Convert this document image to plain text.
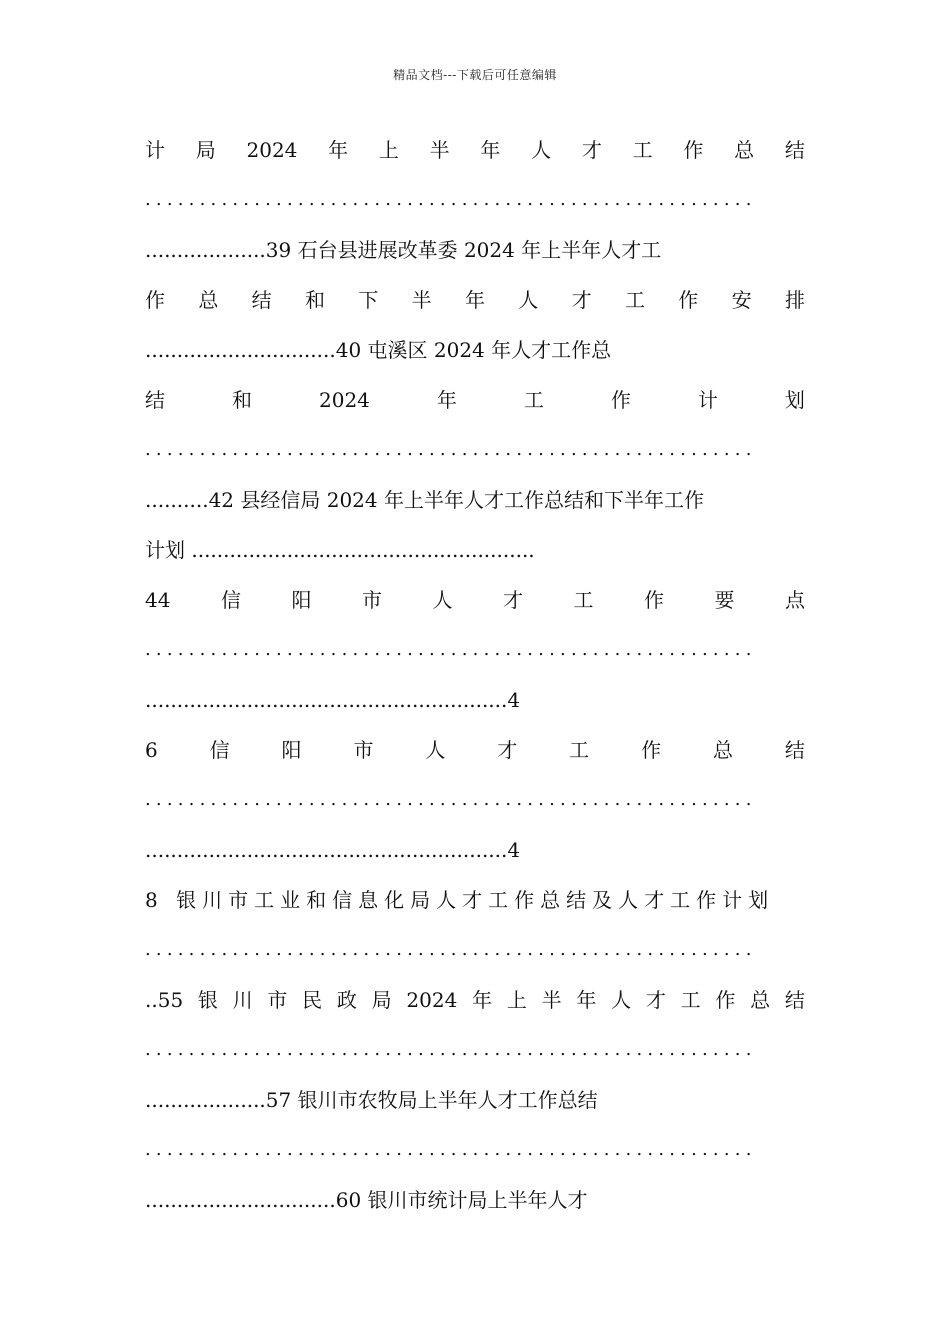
精品文档---下载后可任意编辑
计 局 2024 年 上 半 年 人 才 工 作 总 结
........................................................
...................39 石台县进展改革委 2024 年上半年人才工
作 总 结 和 下 半 年 人 才 工 作 安 排
..............................40 屯溪区 2024 年人才工作总
结	和	2024	年	工	作	计	划
........................................................
..........42 县经信局 2024 年上半年人才工作总结和下半年工作
计划 ......................................................
44	信	阳	市	人	才	工	作	要	点
........................................................
.........................................................4
6	信	阳	市	人	才	工	作	总	结
........................................................
.........................................................4
8 银川市工业和信息化局人才工作总结及人才工作计划
........................................................
..55 银 川 市 民 政 局 2024 年 上 半 年 人 才 工 作 总 结
........................................................
...................57 银川市农牧局上半年人才工作总结
........................................................
..............................60 银川市统计局上半年人才
